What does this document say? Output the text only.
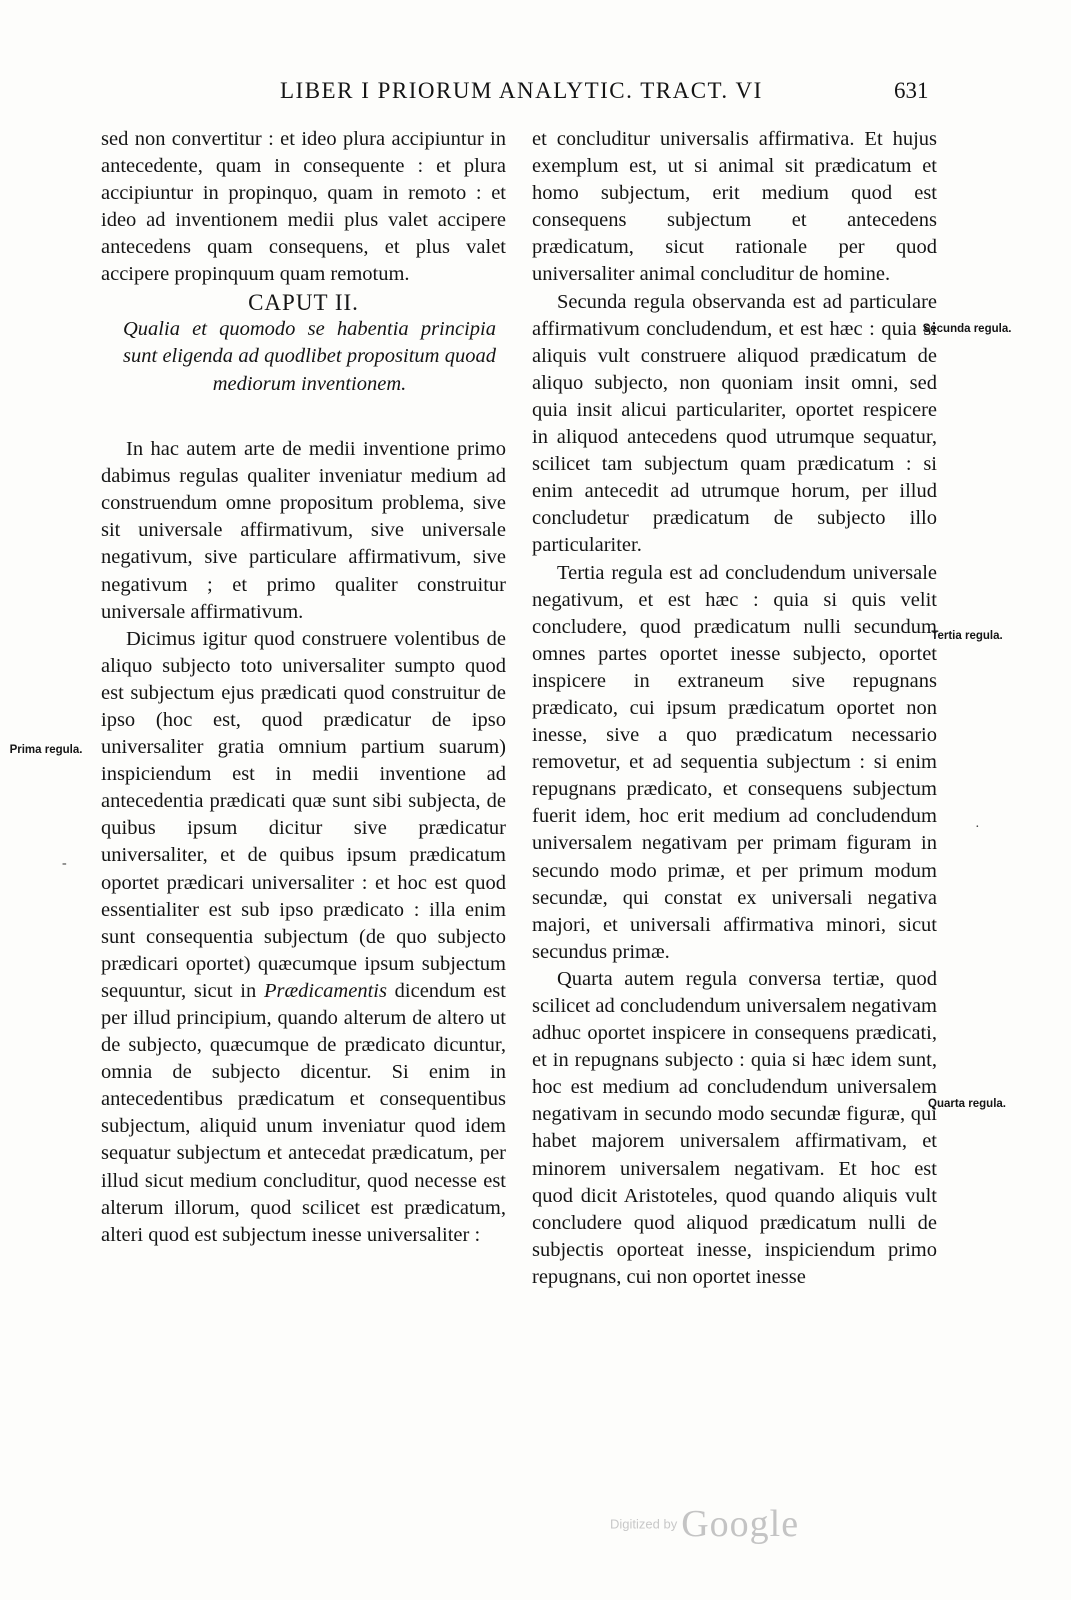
LIBER I PRIORUM ANALYTIC. TRACT. VI	631

sed non convertitur : et ideo plura accipiuntur in antecedente, quam in consequente : et plura accipiuntur in propinquo, quam in remoto : et ideo ad inventionem medii plus valet accipere antecedens quam consequens, et plus valet accipere propinquum quam remotum.

CAPUT II.

Qualia et quomodo se habentia principia sunt eligenda ad quodlibet propositum quoad mediorum inventionem.

In hac autem arte de medii inventione primo dabimus regulas qualiter inveniatur medium ad construendum omne propositum problema, sive sit universale affirmativum, sive universale negativum, sive particulare affirmativum, sive negativum ; et primo qualiter construitur universale affirmativum.

Dicimus igitur quod construere volentibus de aliquo subjecto toto universaliter sumpto quod est subjectum ejus prædicati quod construitur de ipso (hoc est, quod prædicatur de ipso universaliter gratia omnium partium suarum) inspiciendum est in medii inventione ad antecedentia prædicati quæ sunt sibi subjecta, de quibus ipsum dicitur sive prædicatur universaliter, et de quibus ipsum prædicatum oportet prædicari universaliter : et hoc est quod essentialiter est sub ipso prædicato : illa enim sunt consequentia subjectum (de quo subjecto prædicari oportet) quæcumque ipsum subjectum sequuntur, sicut in Prædicamentis dicendum est per illud principium, quando alterum de altero ut de subjecto, quæcumque de prædicato dicuntur, omnia de subjecto dicentur. Si enim in antecedentibus prædicatum et consequentibus subjectum, aliquid unum inveniatur quod idem sequatur subjectum et antecedat prædicatum, per illud sicut medium concluditur, quod necesse est alterum illorum, quod scilicet est prædicatum, alteri quod est subjectum inesse universaliter :

et concluditur universalis affirmativa. Et hujus exemplum est, ut si animal sit prædicatum et homo subjectum, erit medium quod est consequens subjectum et antecedens prædicatum, sicut rationale per quod universaliter animal concluditur de homine.

Secunda regula observanda est ad particulare affirmativum concludendum, et est hæc : quia si aliquis vult construere aliquod prædicatum de aliquo subjecto, non quoniam insit omni, sed quia insit alicui particulariter, oportet respicere in aliquod antecedens quod utrumque sequatur, scilicet tam subjectum quam prædicatum : si enim antecedit ad utrumque horum, per illud concludetur prædicatum de subjecto illo particulariter.

Tertia regula est ad concludendum universale negativum, et est hæc : quia si quis velit concludere, quod prædicatum nulli secundum omnes partes oportet inesse subjecto, oportet inspicere in extraneum sive repugnans prædicato, cui ipsum prædicatum oportet non inesse, sive a quo prædicatum necessario removetur, et ad sequentia subjectum : si enim repugnans prædicato, et consequens subjectum fuerit idem, hoc erit medium ad concludendum universalem negativam per primam figuram in secundo modo primæ, et per primum modum secundæ, qui constat ex universali negativa majori, et universali affirmativa minori, sicut secundus primæ.

Quarta autem regula conversa tertiæ, quod scilicet ad concludendum universalem negativam adhuc oportet inspicere in consequens prædicati, et in repugnans subjecto : quia si hæc idem sunt, hoc est medium ad concludendum universalem negativam in secundo modo secundæ figuræ, qui habet majorem universalem affirmativam, et minorem universalem negativam. Et hoc est quod dicit Aristoteles, quod quando aliquis vult concludere quod aliquod prædicatum nulli de subjectis oporteat inesse, inspiciendum primo repugnans, cui non oportet inesse

Prima regula.
Secunda regula.
Tertia regula.
Quarta regula.
-
·
Digitized by Google
